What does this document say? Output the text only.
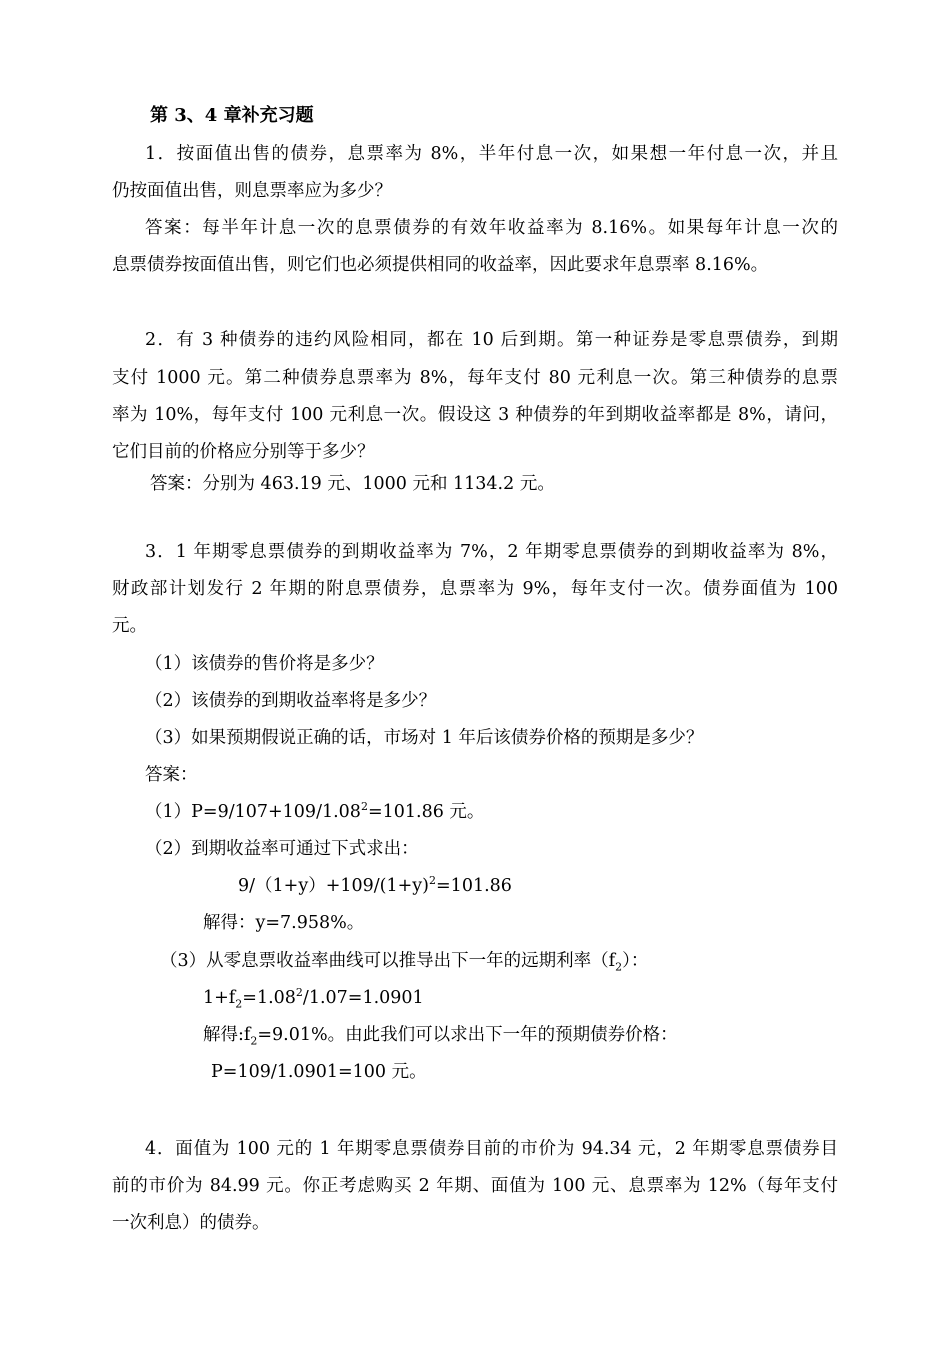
第 3、4 章补充习题

1．按面值出售的债券，息票率为 8%，半年付息一次，如果想一年付息一次，并且

仍按面值出售，则息票率应为多少？

答案：每半年计息一次的息票债券的有效年收益率为 8.16%。如果每年计息一次的

息票债券按面值出售，则它们也必须提供相同的收益率，因此要求年息票率 8.16%。

2．有 3 种债券的违约风险相同，都在 10 后到期。第一种证券是零息票债券，到期

支付 1000 元。第二种债券息票率为 8%，每年支付 80 元利息一次。第三种债券的息票

率为 10%，每年支付 100 元利息一次。假设这 3 种债券的年到期收益率都是 8%，请问，

它们目前的价格应分别等于多少？

答案：分别为 463.19 元、1000 元和 1134.2 元。

3．1 年期零息票债券的到期收益率为 7%，2 年期零息票债券的到期收益率为 8%，

财政部计划发行 2 年期的附息票债券，息票率为 9%，每年支付一次。债券面值为 100

元。

（1）该债券的售价将是多少？

（2）该债券的到期收益率将是多少？

（3）如果预期假说正确的话，市场对 1 年后该债券价格的预期是多少？

答案：

$(1)P=9/107+109/1.08^2=101.86$ 元。

（2）到期收益率可通过下式求出：

$9/(1+y)+109/(1+y)^2=101.86$

解得：y=7.958%。

（3）从零息票收益率曲线可以推导出下一年的远期利率$(f_2)$：

$1+f_2=1.08^2/1.07=1.0901$

解得$:f_2=9.01\%$。由此我们可以求出下一年的预期债券价格：

P=109/1.0901=100 元。

4．面值为 100 元的 1 年期零息票债券目前的市价为 94.34 元，2 年期零息票债券目

前的市价为 84.99 元。你正考虑购买 2 年期、面值为 100 元、息票率为 12%（每年支付

一次利息）的债券。
